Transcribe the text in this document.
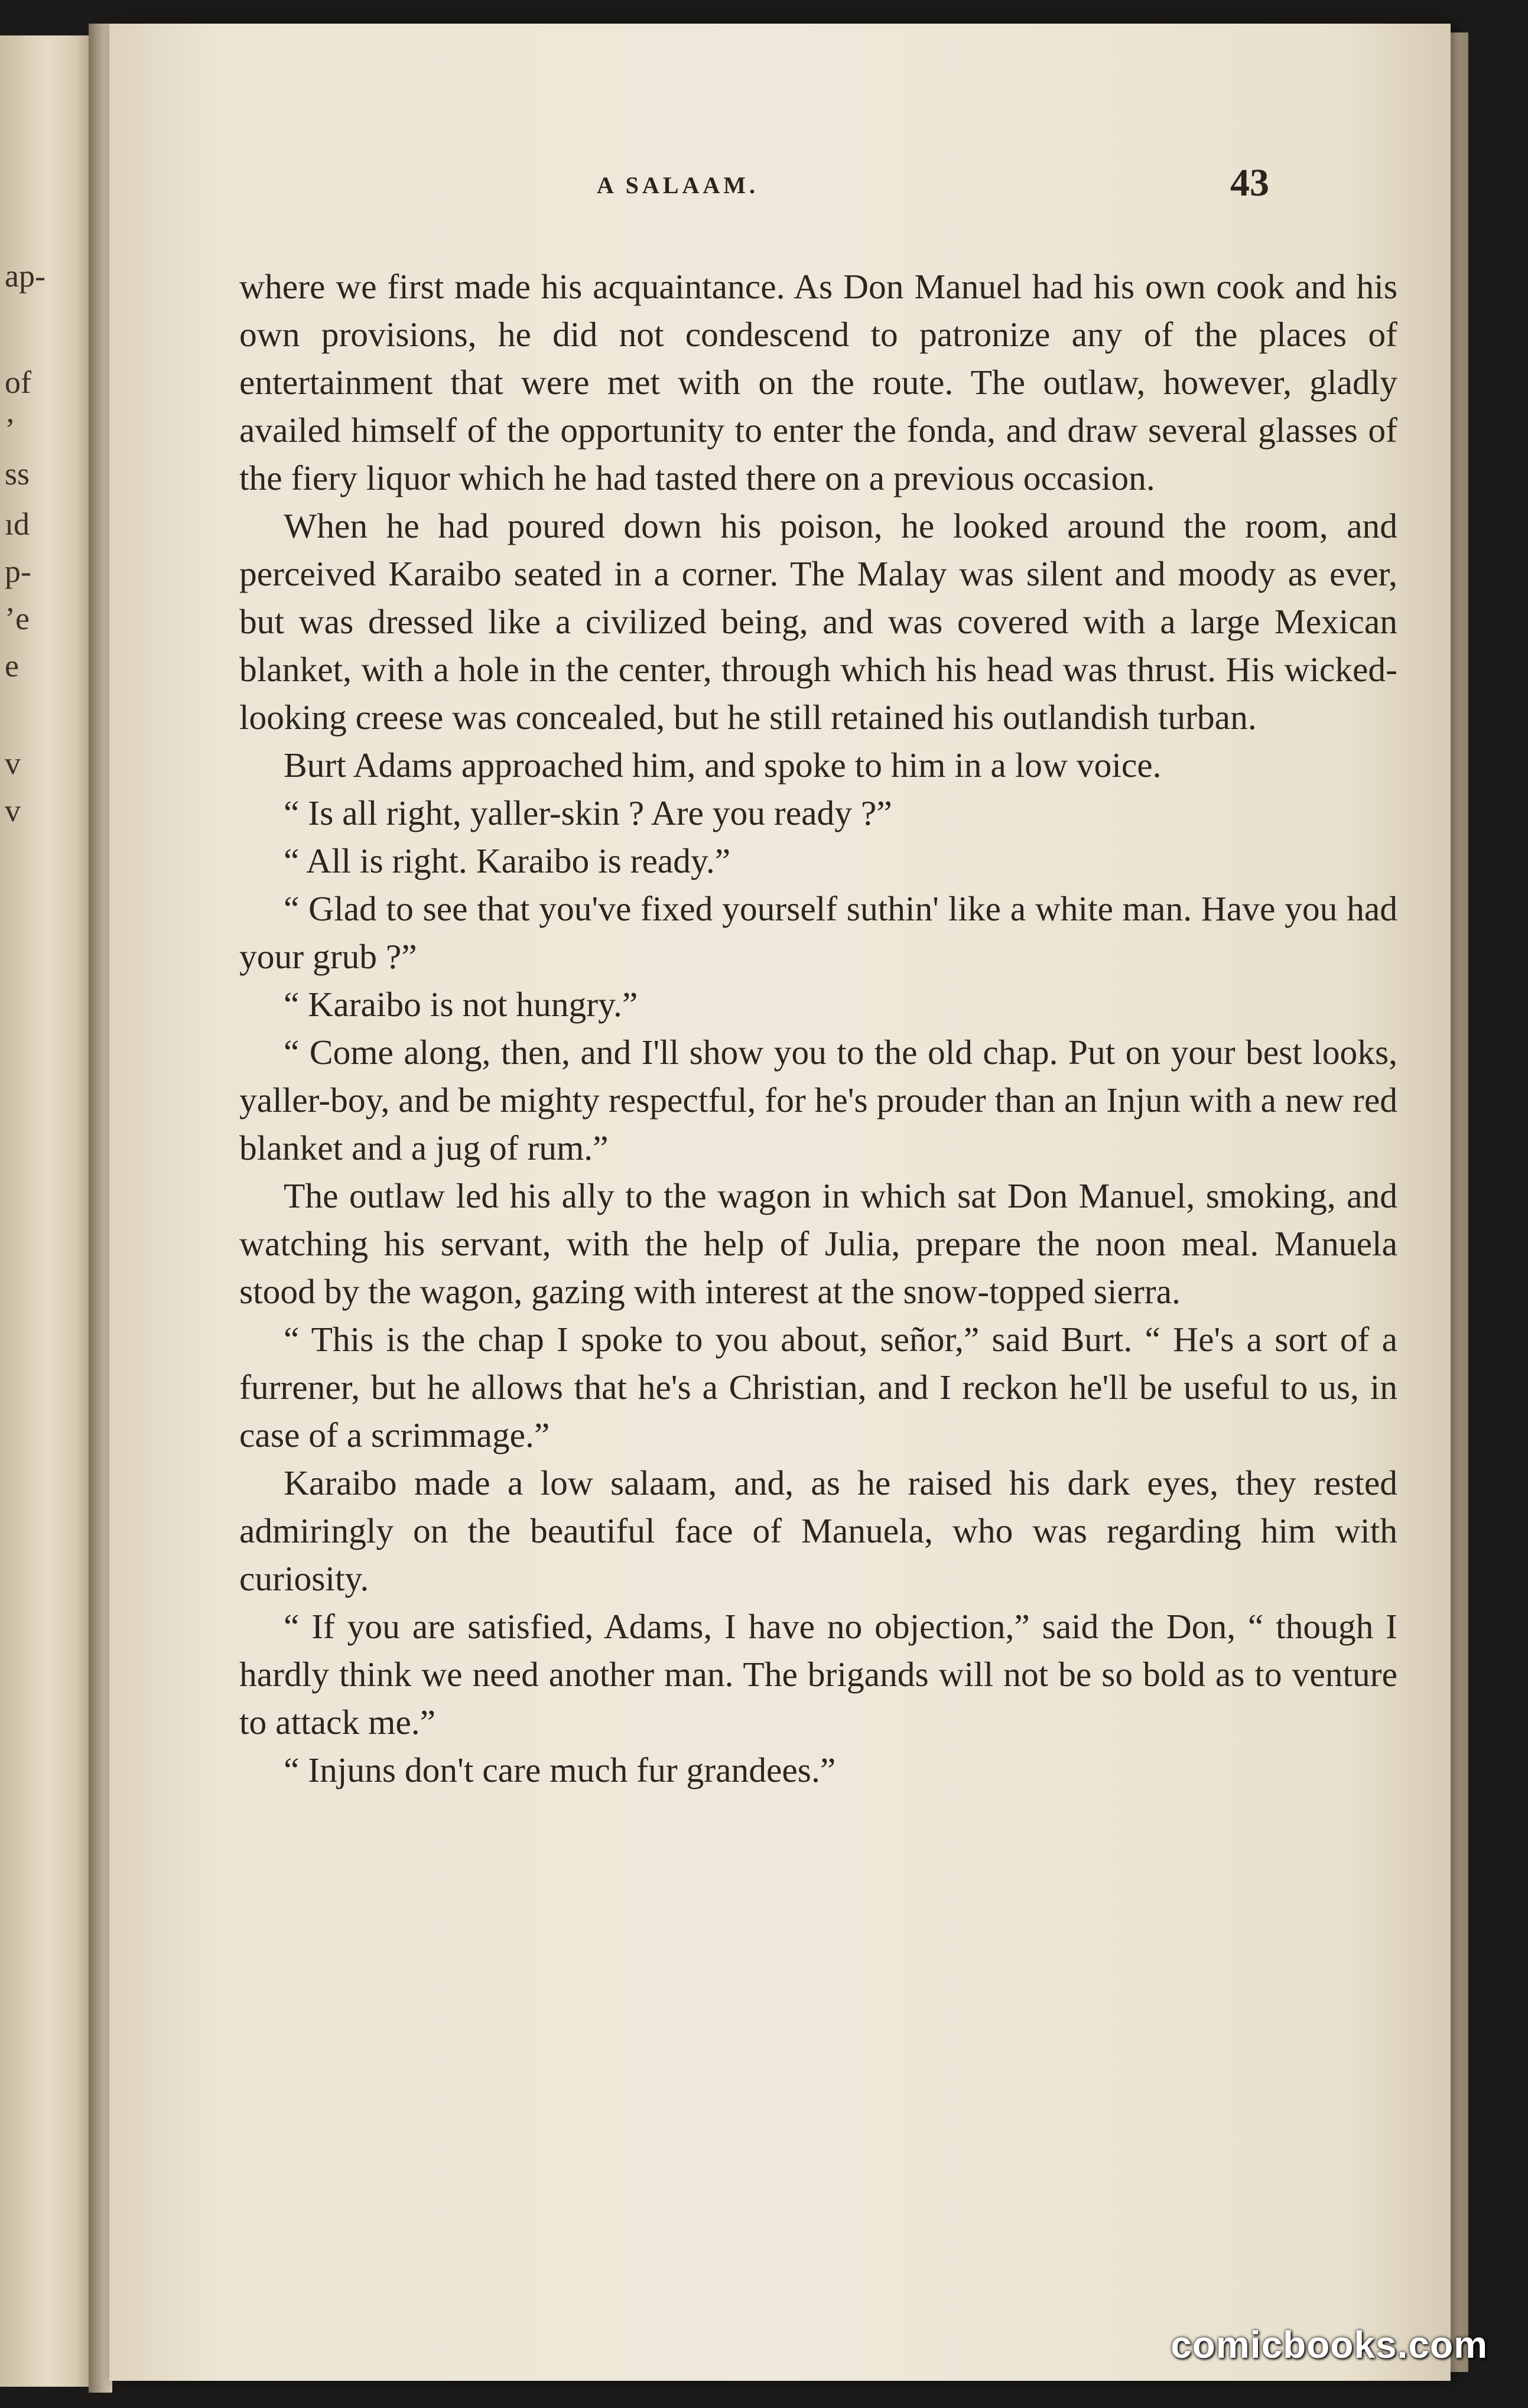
ap-
of
’
ss
ıd
p-
’e
e
v
v
A SALAAM.	43

where we first made his acquaintance. As Don Manuel had his own cook and his own provisions, he did not condescend to patronize any of the places of entertainment that were met with on the route. The outlaw, however, gladly availed himself of the opportunity to enter the fonda, and draw several glasses of the fiery liquor which he had tasted there on a previous occasion.

When he had poured down his poison, he looked around the room, and perceived Karaibo seated in a corner. The Malay was silent and moody as ever, but was dressed like a civilized being, and was covered with a large Mexican blanket, with a hole in the center, through which his head was thrust. His wicked-looking creese was concealed, but he still retained his outlandish turban.

Burt Adams approached him, and spoke to him in a low voice.

“ Is all right, yaller-skin ? Are you ready ?”

“ All is right. Karaibo is ready.”

“ Glad to see that you've fixed yourself suthin' like a white man. Have you had your grub ?”

“ Karaibo is not hungry.”

“ Come along, then, and I'll show you to the old chap. Put on your best looks, yaller-boy, and be mighty respectful, for he's prouder than an Injun with a new red blanket and a jug of rum.”

The outlaw led his ally to the wagon in which sat Don Manuel, smoking, and watching his servant, with the help of Julia, prepare the noon meal. Manuela stood by the wagon, gazing with interest at the snow-topped sierra.

“ This is the chap I spoke to you about, señor,” said Burt. “ He's a sort of a furrener, but he allows that he's a Christian, and I reckon he'll be useful to us, in case of a scrimmage.”

Karaibo made a low salaam, and, as he raised his dark eyes, they rested admiringly on the beautiful face of Manuela, who was regarding him with curiosity.

“ If you are satisfied, Adams, I have no objection,” said the Don, “ though I hardly think we need another man. The brigands will not be so bold as to venture to attack me.”

“ Injuns don't care much fur grandees.”

comicbooks.com
